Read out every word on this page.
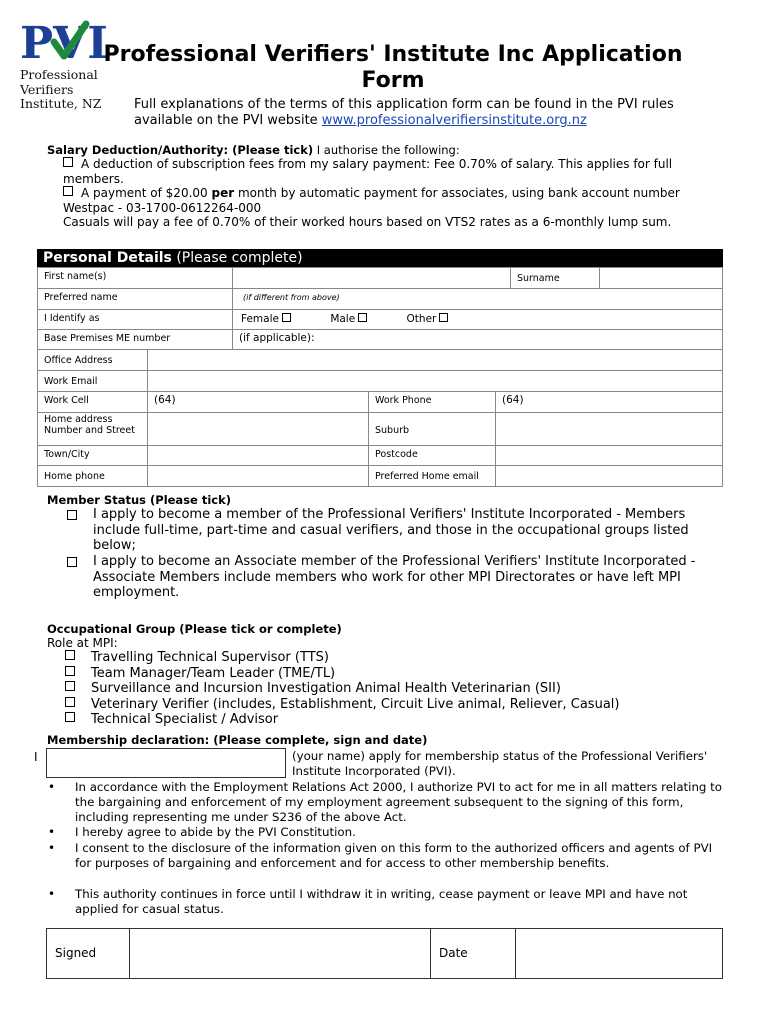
PVI
Professional
Verifiers
Institute, NZ
Professional Verifiers' Institute Inc Application Form
Full explanations of the terms of this application form can be found in the PVI rules available on the PVI website www.professionalverifiersinstitute.org.nz
Salary Deduction/Authority: (Please tick) I authorise the following:
A deduction of subscription fees from my salary payment: Fee 0.70% of salary. This applies for full members.
A payment of $20.00 per month by automatic payment for associates, using bank account number Westpac - 03-1700-0612264-000
Casuals will pay a fee of 0.70% of their worked hours based on VTS2 rates as a 6-monthly lump sum.
Personal Details (Please complete)
First name(s)	Surname
Preferred name	(if different from above)
I Identify as	Female	Male	Other
Base Premises ME number	(if applicable):
Office Address
Work Email
Work Cell	(64)	Work Phone	(64)
Home address Number and Street	Suburb
Town/City	Postcode
Home phone	Preferred Home email
Member Status (Please tick)
I apply to become a member of the Professional Verifiers' Institute Incorporated - Members include full-time, part-time and casual verifiers, and those in the occupational groups listed below;
I apply to become an Associate member of the Professional Verifiers' Institute Incorporated -
Associate Members include members who work for other MPI Directorates or have left MPI employment.
Occupational Group (Please tick or complete)
Role at MPI:
Travelling Technical Supervisor (TTS)
Team Manager/Team Leader (TME/TL)
Surveillance and Incursion Investigation Animal Health Veterinarian (SII)
Veterinary Verifier (includes, Establishment, Circuit Live animal, Reliever, Casual)
Technical Specialist / Advisor
Membership declaration: (Please complete, sign and date)
I	(your name) apply for membership status of the Professional Verifiers' Institute Incorporated (PVI).
• In accordance with the Employment Relations Act 2000, I authorize PVI to act for me in all matters relating to the bargaining and enforcement of my employment agreement subsequent to the signing of this form, including representing me under S236 of the above Act.
• I hereby agree to abide by the PVI Constitution.
• I consent to the disclosure of the information given on this form to the authorized officers and agents of PVI for purposes of bargaining and enforcement and for access to other membership benefits.
• This authority continues in force until I withdraw it in writing, cease payment or leave MPI and have not applied for casual status.
Signed	Date
